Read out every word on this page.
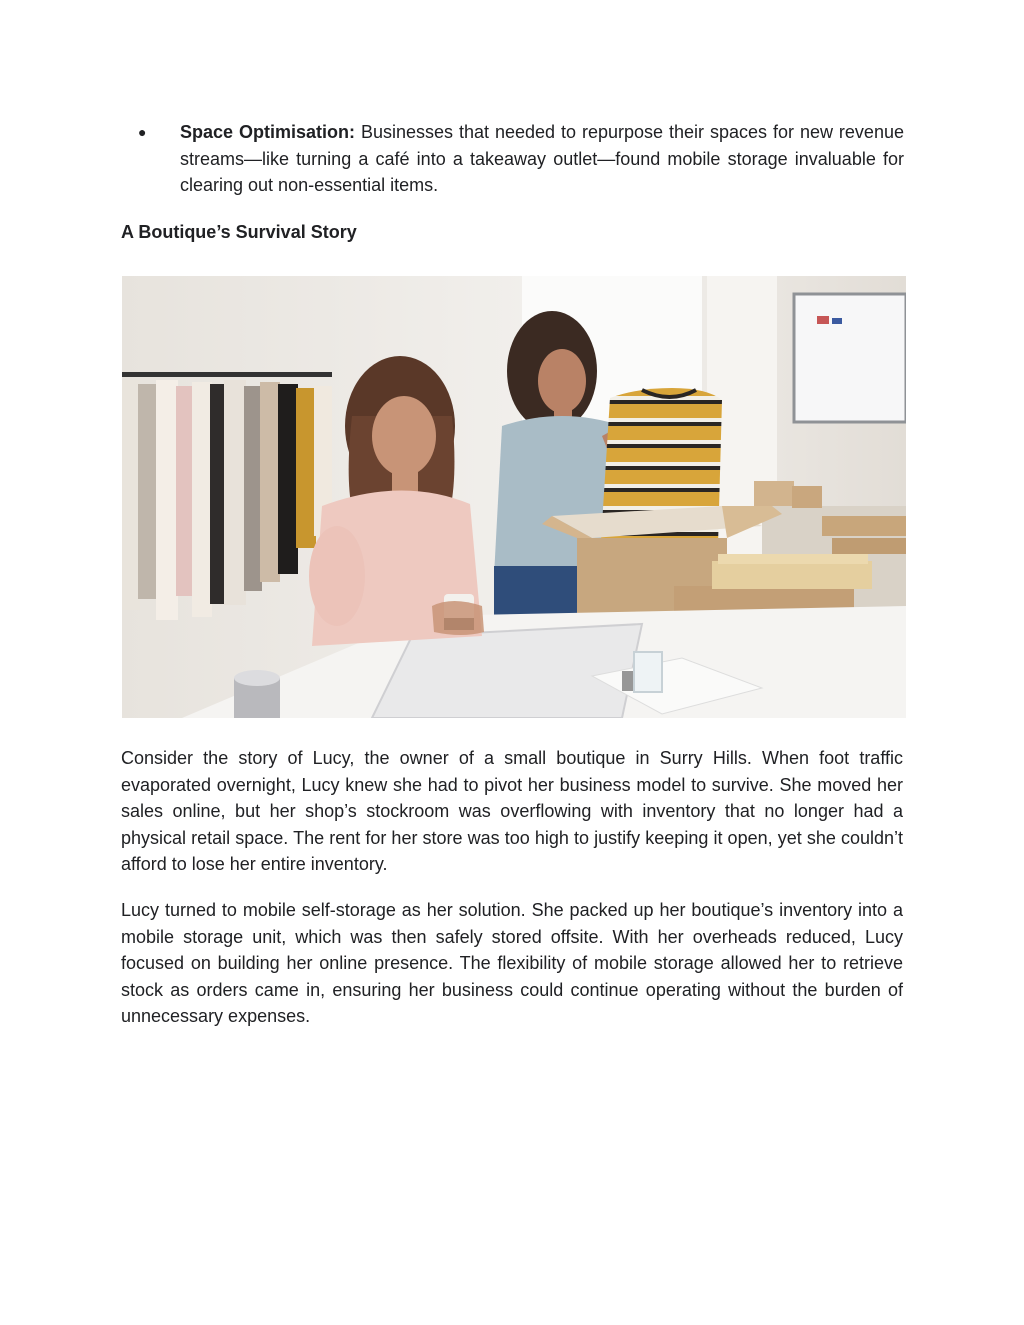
● Space Optimisation: Businesses that needed to repurpose their spaces for new revenue streams—like turning a café into a takeaway outlet—found mobile storage invaluable for clearing out non-essential items.
A Boutique’s Survival Story

Consider the story of Lucy, the owner of a small boutique in Surry Hills. When foot traffic evaporated overnight, Lucy knew she had to pivot her business model to survive. She moved her sales online, but her shop’s stockroom was overflowing with inventory that no longer had a physical retail space. The rent for her store was too high to justify keeping it open, yet she couldn’t afford to lose her entire inventory.

Lucy turned to mobile self-storage as her solution. She packed up her boutique’s inventory into a mobile storage unit, which was then safely stored offsite. With her overheads reduced, Lucy focused on building her online presence. The flexibility of mobile storage allowed her to retrieve stock as orders came in, ensuring her business could continue operating without the burden of unnecessary expenses.
